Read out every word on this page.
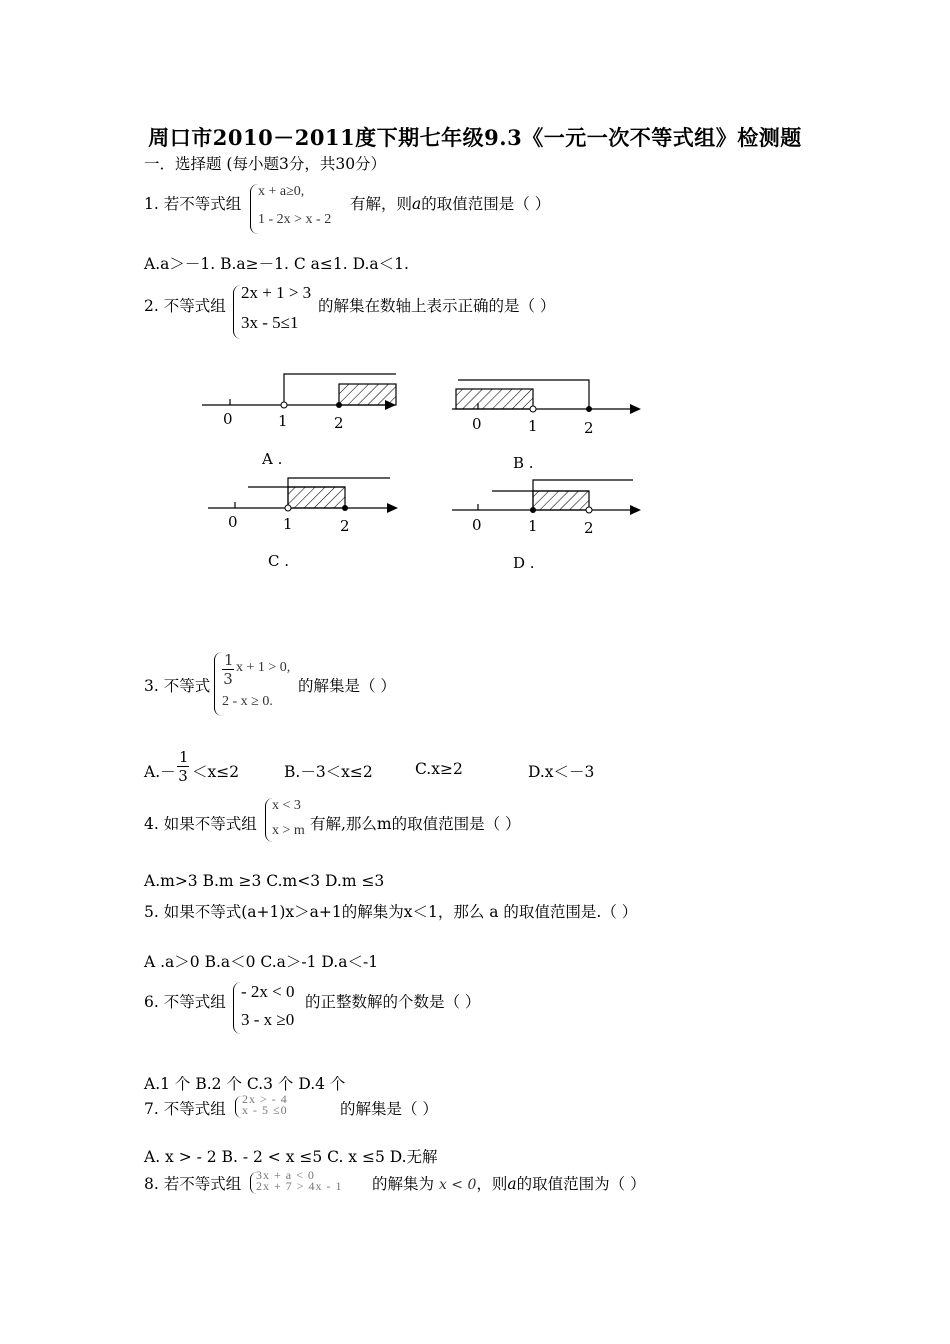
周口市2010－2011度下期七年级9.3《一元一次不等式组》检测题
一．选择题 (每小题3分，共30分）
1. 若不等式组
x + a≥0,
1 - 2x > x - 2
有解，则a的取值范围是（ ）
A.a＞－1. B.a≥－1. C a≤1. D.a＜1.
2. 不等式组
2x + 1 > 3
3x - 5≤1
的解集在数轴上表示正确的是（ ）
0	1	2
A .
0	1	2
B .
0	1	2
C .
0	1	2
D .
3. 不等式 $\frac{1}{3}$ x + 1 > 0,
2 - x ≥ 0.
的解集是（ ）
$A.- \frac{1}{3} <x\le 2$	B.－3＜x≤2	C.x≥2	D.x＜－3
4. 如果不等式组
x < 3
x > m 有解,那么m的取值范围是（ ）
A.m>3 B.m ≥3 C.m<3 D.m ≤3
5. 如果不等式(a+1)x＞a+1的解集为x＜1，那么 a 的取值范围是.（ ）
A .a＞0 B.a＜0 C.a＞-1 D.a＜-1
6. 不等式组
- 2x < 0
3 - x ≥0
的正整数解的个数是（ ）
A.1 个 B.2 个 C.3 个 D.4 个
7. 不等式组
2x > - 4
x - 5 ≤0	的解集是（ ）
A. x > - 2 B. - 2 < x ≤5 C. x ≤5 D.无解
8. 若不等式组 3x + a < 0
2x + 7 > 4x - 1 的解集为 x < 0，则a的取值范围为（ ）
